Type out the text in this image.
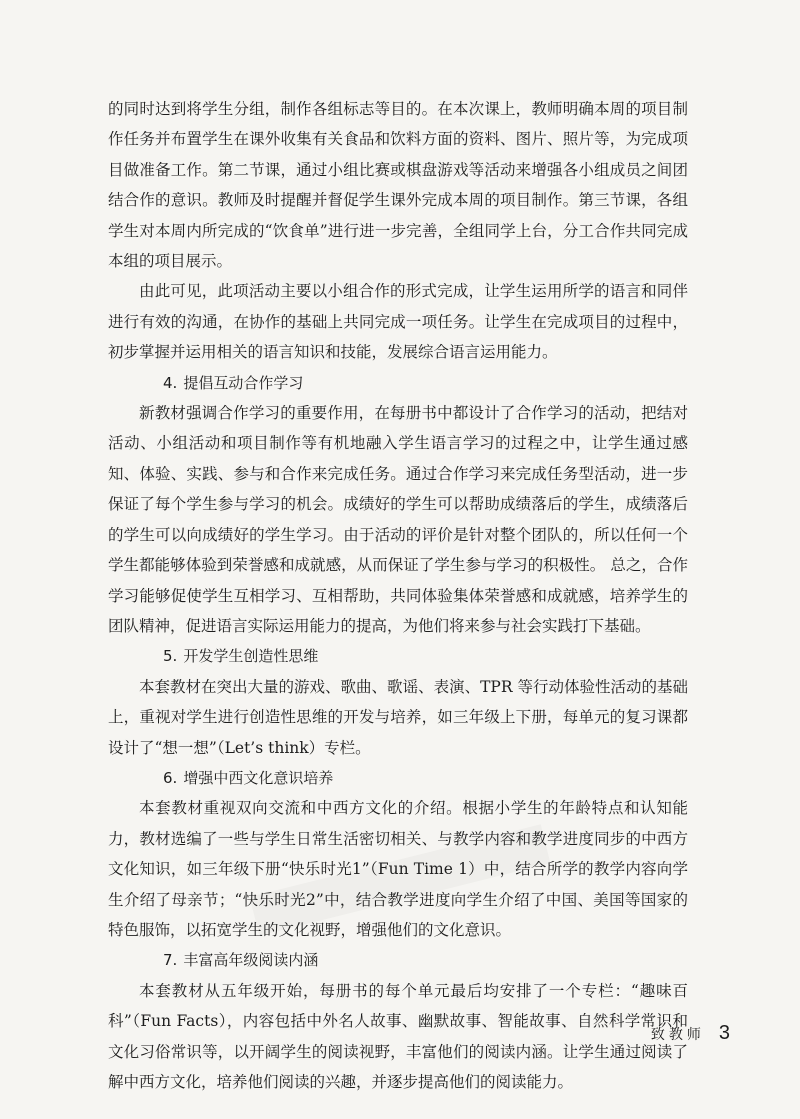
的同时达到将学生分组，制作各组标志等目的。在本次课上，教师明确本周的项目制作任务并布置学生在课外收集有关食品和饮料方面的资料、图片、照片等，为完成项目做准备工作。第二节课，通过小组比赛或棋盘游戏等活动来增强各小组成员之间团结合作的意识。教师及时提醒并督促学生课外完成本周的项目制作。第三节课，各组学生对本周内所完成的“饮食单”进行进一步完善，全组同学上台，分工合作共同完成本组的项目展示。

由此可见，此项活动主要以小组合作的形式完成，让学生运用所学的语言和同伴进行有效的沟通，在协作的基础上共同完成一项任务。让学生在完成项目的过程中，初步掌握并运用相关的语言知识和技能，发展综合语言运用能力。

4. 提倡互动合作学习

新教材强调合作学习的重要作用，在每册书中都设计了合作学习的活动，把结对活动、小组活动和项目制作等有机地融入学生语言学习的过程之中，让学生通过感知、体验、实践、参与和合作来完成任务。通过合作学习来完成任务型活动，进一步保证了每个学生参与学习的机会。成绩好的学生可以帮助成绩落后的学生，成绩落后的学生可以向成绩好的学生学习。由于活动的评价是针对整个团队的，所以任何一个学生都能够体验到荣誉感和成就感，从而保证了学生参与学习的积极性。 总之，合作学习能够促使学生互相学习、互相帮助，共同体验集体荣誉感和成就感，培养学生的团队精神，促进语言实际运用能力的提高，为他们将来参与社会实践打下基础。

5. 开发学生创造性思维

本套教材在突出大量的游戏、歌曲、歌谣、表演、TPR 等行动体验性活动的基础上，重视对学生进行创造性思维的开发与培养，如三年级上下册，每单元的复习课都设计了“想一想”（Let’s think）专栏。

6. 增强中西文化意识培养

本套教材重视双向交流和中西方文化的介绍。根据小学生的年龄特点和认知能力，教材选编了一些与学生日常生活密切相关、与教学内容和教学进度同步的中西方文化知识，如三年级下册“快乐时光1”（Fun Time 1）中，结合所学的教学内容向学生介绍了母亲节；“快乐时光2”中，结合教学进度向学生介绍了中国、美国等国家的特色服饰，以拓宽学生的文化视野，增强他们的文化意识。

7. 丰富高年级阅读内涵

本套教材从五年级开始，每册书的每个单元最后均安排了一个专栏：“趣味百科”（Fun Facts），内容包括中外名人故事、幽默故事、智能故事、自然科学常识和文化习俗常识等，以开阔学生的阅读视野，丰富他们的阅读内涵。让学生通过阅读了解中西方文化，培养他们阅读的兴趣，并逐步提高他们的阅读能力。

致教师 3
